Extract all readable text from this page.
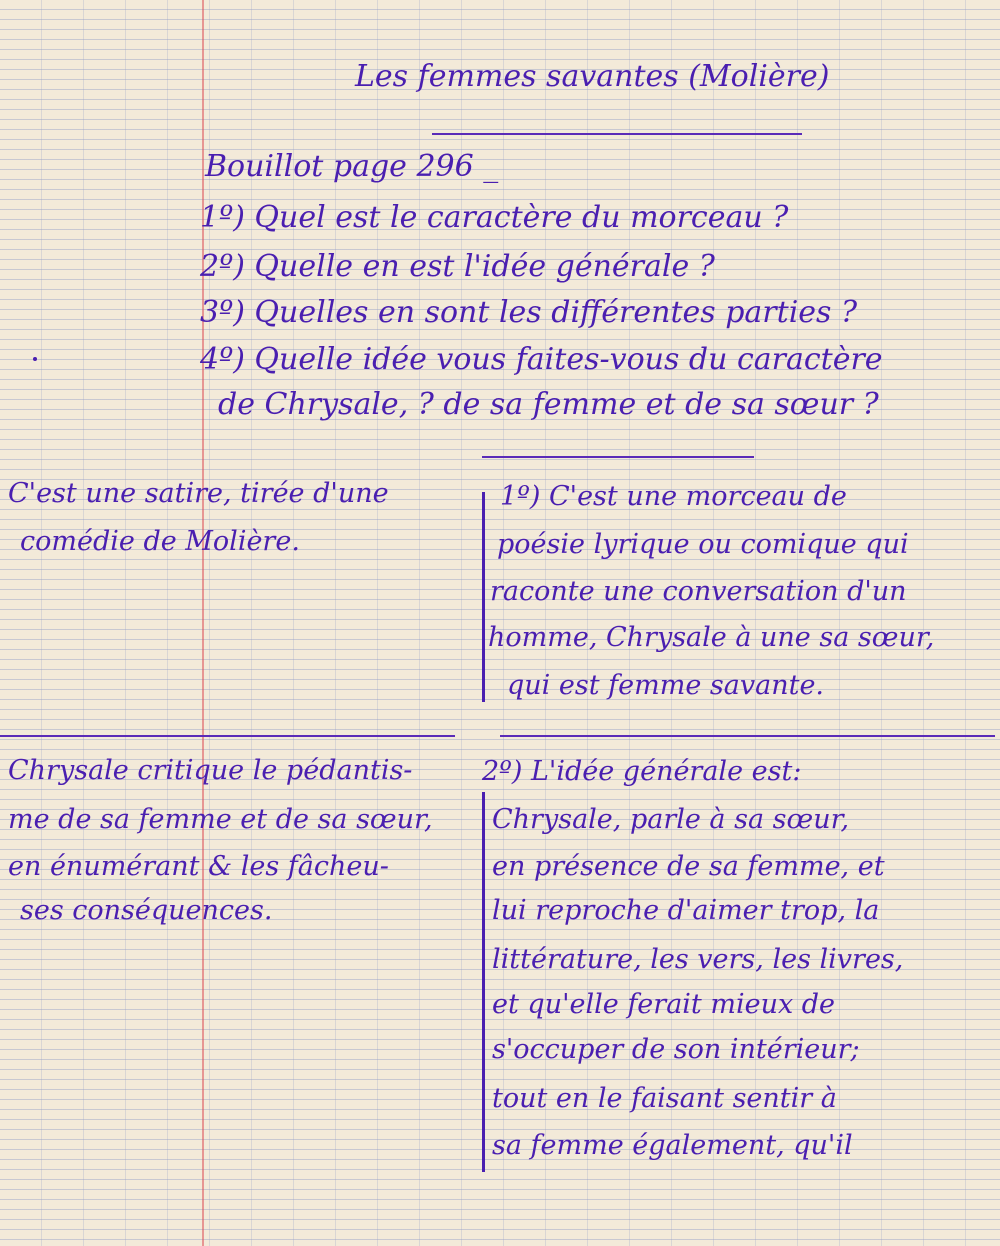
Les femmes savantes (Molière)
Bouillot page 296 _
1º) Quel est le caractère du morceau ?
2º) Quelle en est l'idée générale ?
3º) Quelles en sont les différentes parties ?
4º) Quelle idée vous faites-vous du caractère
de Chrysale, ? de sa femme et de sa sœur ?
C'est une satire, tirée d'une
comédie de Molière.
1º) C'est une morceau de
poésie lyrique ou comique qui
raconte une conversation d'un
homme, Chrysale à une sa sœur,
qui est femme savante.
Chrysale critique le pédantis-
me de sa femme et de sa sœur,
en énumérant & les fâcheu-
ses conséquences.
2º) L'idée générale est:
Chrysale, parle à sa sœur,
en présence de sa femme, et
lui reproche d'aimer trop, la
littérature, les vers, les livres,
et qu'elle ferait mieux de
s'occuper de son intérieur;
tout en le faisant sentir à
sa femme également, qu'il
